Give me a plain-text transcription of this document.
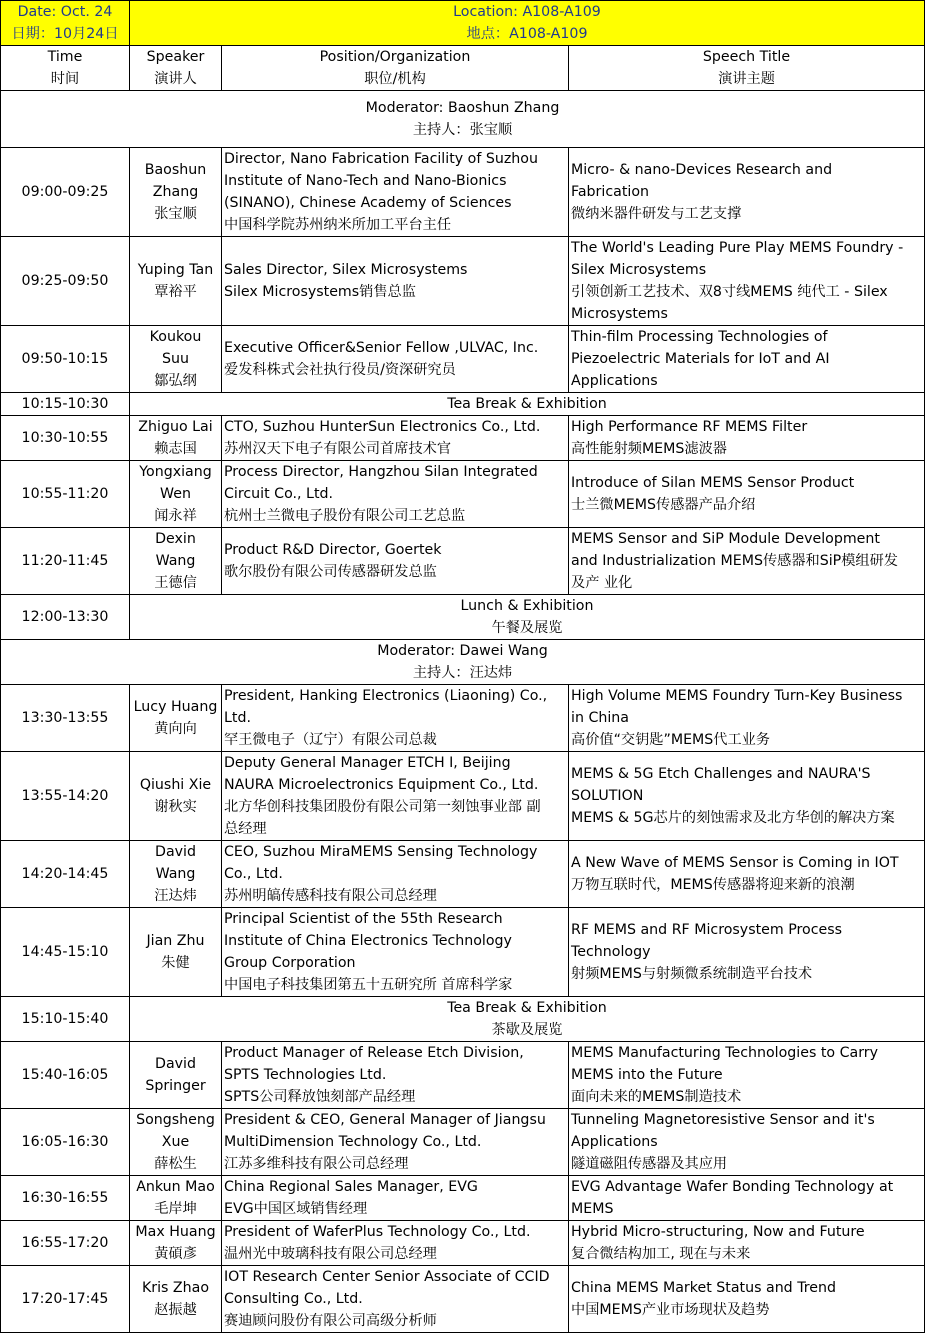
Date: Oct. 24
日期：10月24日	Location: A108-A109
地点：A108-A109		

Time
时间	Speaker
演讲人	Position/Organization
职位/机构	Speech Title
演讲主题

Moderator: Baoshun Zhang
主持人：张宝顺			

09:00-09:25	Baoshun
Zhang
张宝顺	Director, Nano Fabrication Facility of Suzhou
Institute of Nano-Tech and Nano-Bionics
(SINANO), Chinese Academy of Sciences
中国科学院苏州纳米所加工平台主任	Micro- & nano-Devices Research and
Fabrication
微纳米器件研发与工艺支撑

09:25-09:50	Yuping Tan
覃裕平	Sales Director, Silex Microsystems
Silex Microsystems销售总监	The World's Leading Pure Play MEMS Foundry -
Silex Microsystems
引领创新工艺技术、双8寸线MEMS 纯代工 - Silex
Microsystems

09:50-10:15	Koukou
Suu
鄒弘纲	Executive Officer&Senior Fellow ,ULVAC, Inc.
爱发科株式会社执行役员/资深研究员	Thin-film Processing Technologies of
Piezoelectric Materials for IoT and AI
Applications

10:15-10:30	Tea Break & Exhibition		

10:30-10:55	Zhiguo Lai
赖志国	CTO, Suzhou HunterSun Electronics Co., Ltd.
苏州汉天下电子有限公司首席技术官	High Performance RF MEMS Filter
高性能射频MEMS滤波器

10:55-11:20	Yongxiang
Wen
闻永祥	Process Director, Hangzhou Silan Integrated
Circuit Co., Ltd.
杭州士兰微电子股份有限公司工艺总监	Introduce of Silan MEMS Sensor Product
士兰微MEMS传感器产品介绍

11:20-11:45	Dexin
Wang
王德信	Product R&D Director, Goertek
歌尔股份有限公司传感器研发总监	MEMS Sensor and SiP Module Development
and Industrialization MEMS传感器和SiP模组研发
及产 业化

12:00-13:30	Lunch & Exhibition
午餐及展览		

Moderator: Dawei Wang
主持人：汪达炜			

13:30-13:55	Lucy Huang
黄向向	President, Hanking Electronics (Liaoning) Co.,
Ltd.
罕王微电子（辽宁）有限公司总裁	High Volume MEMS Foundry Turn-Key Business
in China
高价值“交钥匙”MEMS代工业务

13:55-14:20	Qiushi Xie
谢秋实	Deputy General Manager ETCH I, Beijing
NAURA Microelectronics Equipment Co., Ltd.
北方华创科技集团股份有限公司第一刻蚀事业部 副
总经理	MEMS & 5G Etch Challenges and NAURA'S
SOLUTION
MEMS & 5G芯片的刻蚀需求及北方华创的解决方案

14:20-14:45	David
Wang
汪达炜	CEO, Suzhou MiraMEMS Sensing Technology
Co., Ltd.
苏州明皜传感科技有限公司总经理	A New Wave of MEMS Sensor is Coming in IOT
万物互联时代，MEMS传感器将迎来新的浪潮

14:45-15:10	Jian Zhu
朱健	Principal Scientist of the 55th Research
Institute of China Electronics Technology
Group Corporation
中国电子科技集团第五十五研究所 首席科学家	RF MEMS and RF Microsystem Process
Technology
射频MEMS与射频微系统制造平台技术

15:10-15:40	Tea Break & Exhibition
茶歇及展览		

15:40-16:05	David
Springer	Product Manager of Release Etch Division,
SPTS Technologies Ltd.
SPTS公司释放蚀刻部产品经理	MEMS Manufacturing Technologies to Carry
MEMS into the Future
面向未来的MEMS制造技术

16:05-16:30	Songsheng
Xue
薛松生	President & CEO, General Manager of Jiangsu
MultiDimension Technology Co., Ltd.
江苏多维科技有限公司总经理	Tunneling Magnetoresistive Sensor and it's
Applications
隧道磁阻传感器及其应用

16:30-16:55	Ankun Mao
毛岸坤	China Regional Sales Manager, EVG
EVG中国区域销售经理	EVG Advantage Wafer Bonding Technology at
MEMS

16:55-17:20	Max Huang
黃碩彥	President of WaferPlus Technology Co., Ltd.
温州光中玻璃科技有限公司总经理	Hybrid Micro-structuring, Now and Future
复合微结构加工, 现在与未来

17:20-17:45	Kris Zhao
赵振越	IOT Research Center Senior Associate of CCID
Consulting Co., Ltd.
赛迪顾问股份有限公司高级分析师	China MEMS Market Status and Trend
中国MEMS产业市场现状及趋势
